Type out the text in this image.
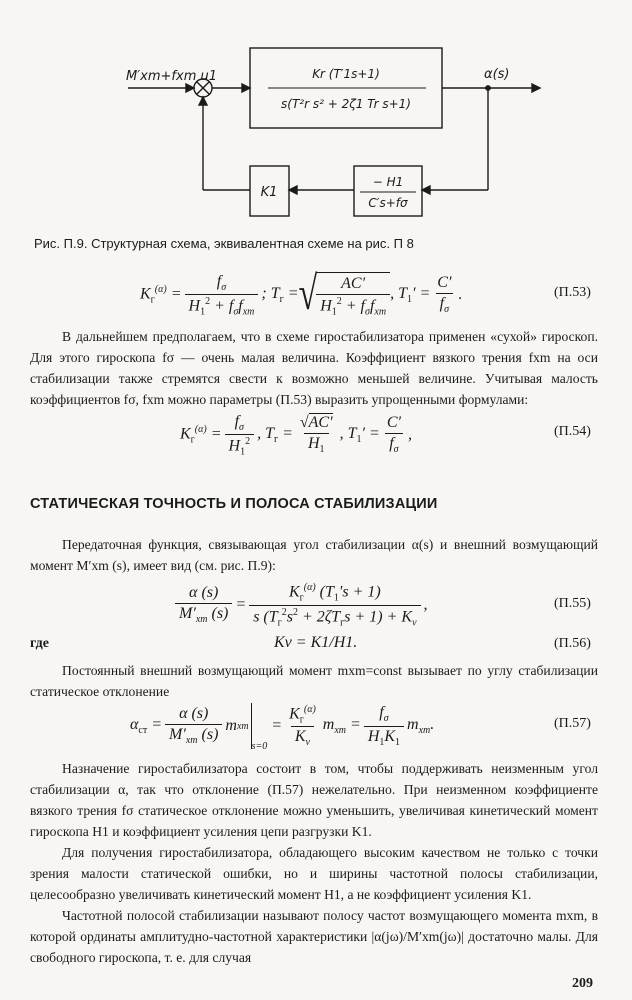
M′xm+fxm u1	Kr (T′1s+1)
s(T²r s² + 2ζ1 Tr s+1)
α(s)
K1
− H1
C′s+fσ
Рис. П.9. Структурная схема, эквивалентная схеме на рис. П 8
$K_г^{(\alpha)} = \frac{f_\sigma}{H_1^2 + f_\sigma f_{xm}}$ ; $T_г$ = √ $\frac{AC'}{H_1^2 + f_\sigma f_{xm}}$ , $T_1' = \frac{C'}{f_\sigma}$ .	(П.53)
В дальнейшем предполагаем, что в схеме гиростабилизатора применен «сухой» гироскоп. Для этого гироскопа fσ — очень малая величина. Коэффициент вязкого трения fxm на оси стабилизации также стремятся свести к возможно меньшей величине. Учитывая малость коэффициентов fσ, fxm можно параметры (П.53) выразить упрощенными формулами:
$K_г^{(\alpha)} = \frac{f_\sigma}{H_1^2}$ , $T_г = \frac{√AC'}{H_1}$ , $T_1' = \frac{C'}{f_\sigma}$ ,	(П.54)
СТАТИЧЕСКАЯ ТОЧНОСТЬ И ПОЛОСА СТАБИЛИЗАЦИИ
Передаточная функция, связывающая угол стабилизации α(s) и внешний возмущающий момент M′xm (s), имеет вид (см. рис. П.9):
$\frac{\alpha (s)}{M'_{xm} (s)} = \frac{K_г^{(\alpha)} (T_1's + 1)}{s (T_г^2s^2 + 2\zeta T_гs + 1) + K_v}$ ,	(П.55)
где	Kv = K1/H1.	(П.56)
Постоянный внешний возмущающий момент mxm=const вызывает по углу стабилизации статическое отклонение
$\alpha_{ст} = \frac{\alpha (s)}{M'_{xm} (s)}$ m xm
s=0
= $\frac{K_г^{(\alpha)}}{K_v} m_{xm} = \frac{f_\sigma}{H_1K_1} m_{xm}$.	(П.57)
Назначение гиростабилизатора состоит в том, чтобы поддерживать неизменным угол стабилизации α, так что отклонение (П.57) нежелательно. При неизменном коэффициенте вязкого трения fσ статическое отклонение можно уменьшить, увеличивая кинетический момент гироскопа H1 и коэффициент усиления цепи разгрузки K1.
Для получения гиростабилизатора, обладающего высоким качеством не только с точки зрения малости статической ошибки, но и ширины частотной полосы стабилизации, целесообразно увеличивать кинетический момент H1, а не коэффициент усиления K1.
Частотной полосой стабилизации называют полосу частот возмущающего момента mxm, в которой ординаты амплитудно-частотной характеристики |α(jω)/M′xm(jω)| достаточно малы. Для свободного гироскопа, т. е. для случая
209
